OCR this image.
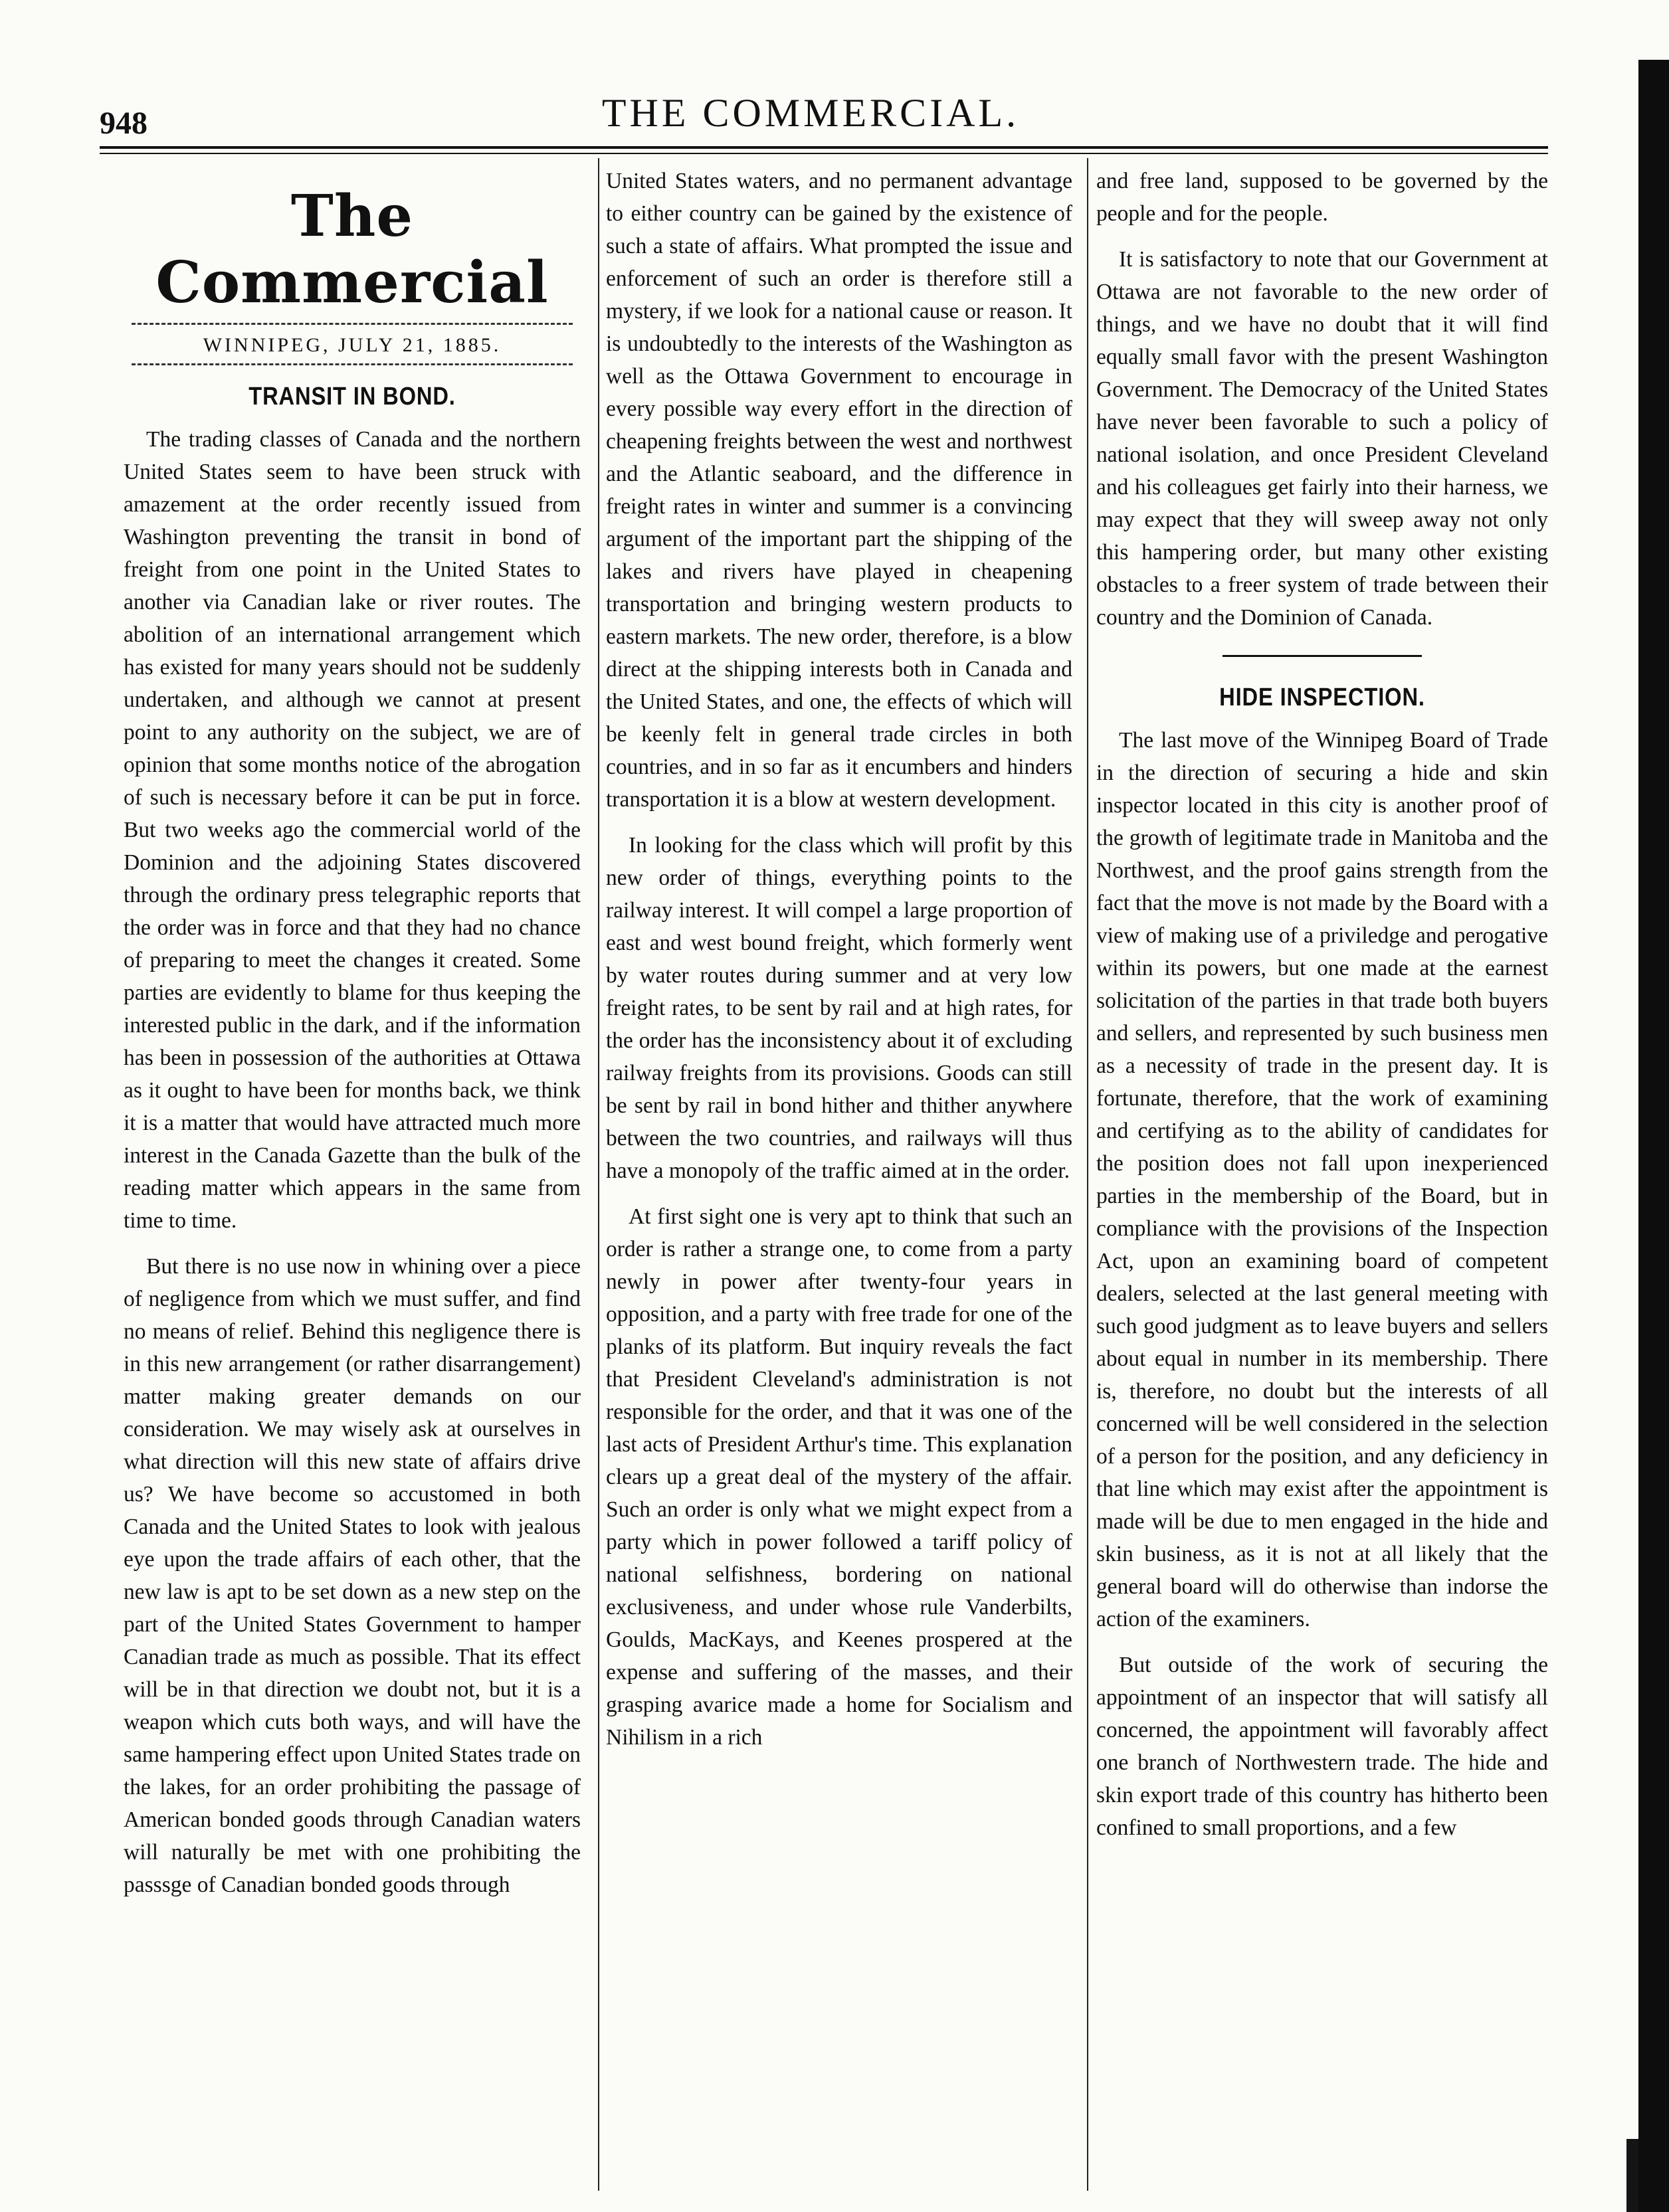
948	THE COMMERCIAL.
The Commercial
WINNIPEG, JULY 21, 1885.
TRANSIT IN BOND.

The trading classes of Canada and the northern United States seem to have been struck with amazement at the order recently issued from Washington preventing the transit in bond of freight from one point in the United States to another via Canadian lake or river routes. The abolition of an international arrangement which has existed for many years should not be suddenly undertaken, and although we cannot at present point to any authority on the subject, we are of opinion that some months notice of the abrogation of such is necessary before it can be put in force. But two weeks ago the commercial world of the Dominion and the adjoining States discovered through the ordinary press telegraphic reports that the order was in force and that they had no chance of preparing to meet the changes it created. Some parties are evidently to blame for thus keeping the interested public in the dark, and if the information has been in possession of the authorities at Ottawa as it ought to have been for months back, we think it is a matter that would have attracted much more interest in the Canada Gazette than the bulk of the reading matter which appears in the same from time to time.

But there is no use now in whining over a piece of negligence from which we must suffer, and find no means of relief. Behind this negligence there is in this new arrangement (or rather disarrangement) matter making greater demands on our consideration. We may wisely ask at ourselves in what direction will this new state of affairs drive us? We have become so accustomed in both Canada and the United States to look with jealous eye upon the trade affairs of each other, that the new law is apt to be set down as a new step on the part of the United States Government to hamper Canadian trade as much as possible. That its effect will be in that direction we doubt not, but it is a weapon which cuts both ways, and will have the same hampering effect upon United States trade on the lakes, for an order prohibiting the passage of American bonded goods through Canadian waters will naturally be met with one prohibiting the passsge of Canadian bonded goods through

United States waters, and no permanent advantage to either country can be gained by the existence of such a state of affairs. What prompted the issue and enforcement of such an order is therefore still a mystery, if we look for a national cause or reason. It is undoubtedly to the interests of the Washington as well as the Ottawa Government to encourage in every possible way every effort in the direction of cheapening freights between the west and northwest and the Atlantic seaboard, and the difference in freight rates in winter and summer is a convincing argument of the important part the shipping of the lakes and rivers have played in cheapening transportation and bringing western products to eastern markets. The new order, therefore, is a blow direct at the shipping interests both in Canada and the United States, and one, the effects of which will be keenly felt in general trade circles in both countries, and in so far as it encumbers and hinders transportation it is a blow at western development.

In looking for the class which will profit by this new order of things, everything points to the railway interest. It will compel a large proportion of east and west bound freight, which formerly went by water routes during summer and at very low freight rates, to be sent by rail and at high rates, for the order has the inconsistency about it of excluding railway freights from its provisions. Goods can still be sent by rail in bond hither and thither anywhere between the two countries, and railways will thus have a monopoly of the traffic aimed at in the order.

At first sight one is very apt to think that such an order is rather a strange one, to come from a party newly in power after twenty-four years in opposition, and a party with free trade for one of the planks of its platform. But inquiry reveals the fact that President Cleveland's administration is not responsible for the order, and that it was one of the last acts of President Arthur's time. This explanation clears up a great deal of the mystery of the affair. Such an order is only what we might expect from a party which in power followed a tariff policy of national selfishness, bordering on national exclusiveness, and under whose rule Vanderbilts, Goulds, MacKays, and Keenes prospered at the expense and suffering of the masses, and their grasping avarice made a home for Socialism and Nihilism in a rich

and free land, supposed to be governed by the people and for the people.

It is satisfactory to note that our Government at Ottawa are not favorable to the new order of things, and we have no doubt that it will find equally small favor with the present Washington Government. The Democracy of the United States have never been favorable to such a policy of national isolation, and once President Cleveland and his colleagues get fairly into their harness, we may expect that they will sweep away not only this hampering order, but many other existing obstacles to a freer system of trade between their country and the Dominion of Canada.

HIDE INSPECTION.

The last move of the Winnipeg Board of Trade in the direction of securing a hide and skin inspector located in this city is another proof of the growth of legitimate trade in Manitoba and the Northwest, and the proof gains strength from the fact that the move is not made by the Board with a view of making use of a priviledge and perogative within its powers, but one made at the earnest solicitation of the parties in that trade both buyers and sellers, and represented by such business men as a necessity of trade in the present day. It is fortunate, therefore, that the work of examining and certifying as to the ability of candidates for the position does not fall upon inexperienced parties in the membership of the Board, but in compliance with the provisions of the Inspection Act, upon an examining board of competent dealers, selected at the last general meeting with such good judgment as to leave buyers and sellers about equal in number in its membership. There is, therefore, no doubt but the interests of all concerned will be well considered in the selection of a person for the position, and any deficiency in that line which may exist after the appointment is made will be due to men engaged in the hide and skin business, as it is not at all likely that the general board will do otherwise than indorse the action of the examiners.

But outside of the work of securing the appointment of an inspector that will satisfy all concerned, the appointment will favorably affect one branch of Northwestern trade. The hide and skin export trade of this country has hitherto been confined to small proportions, and a few
